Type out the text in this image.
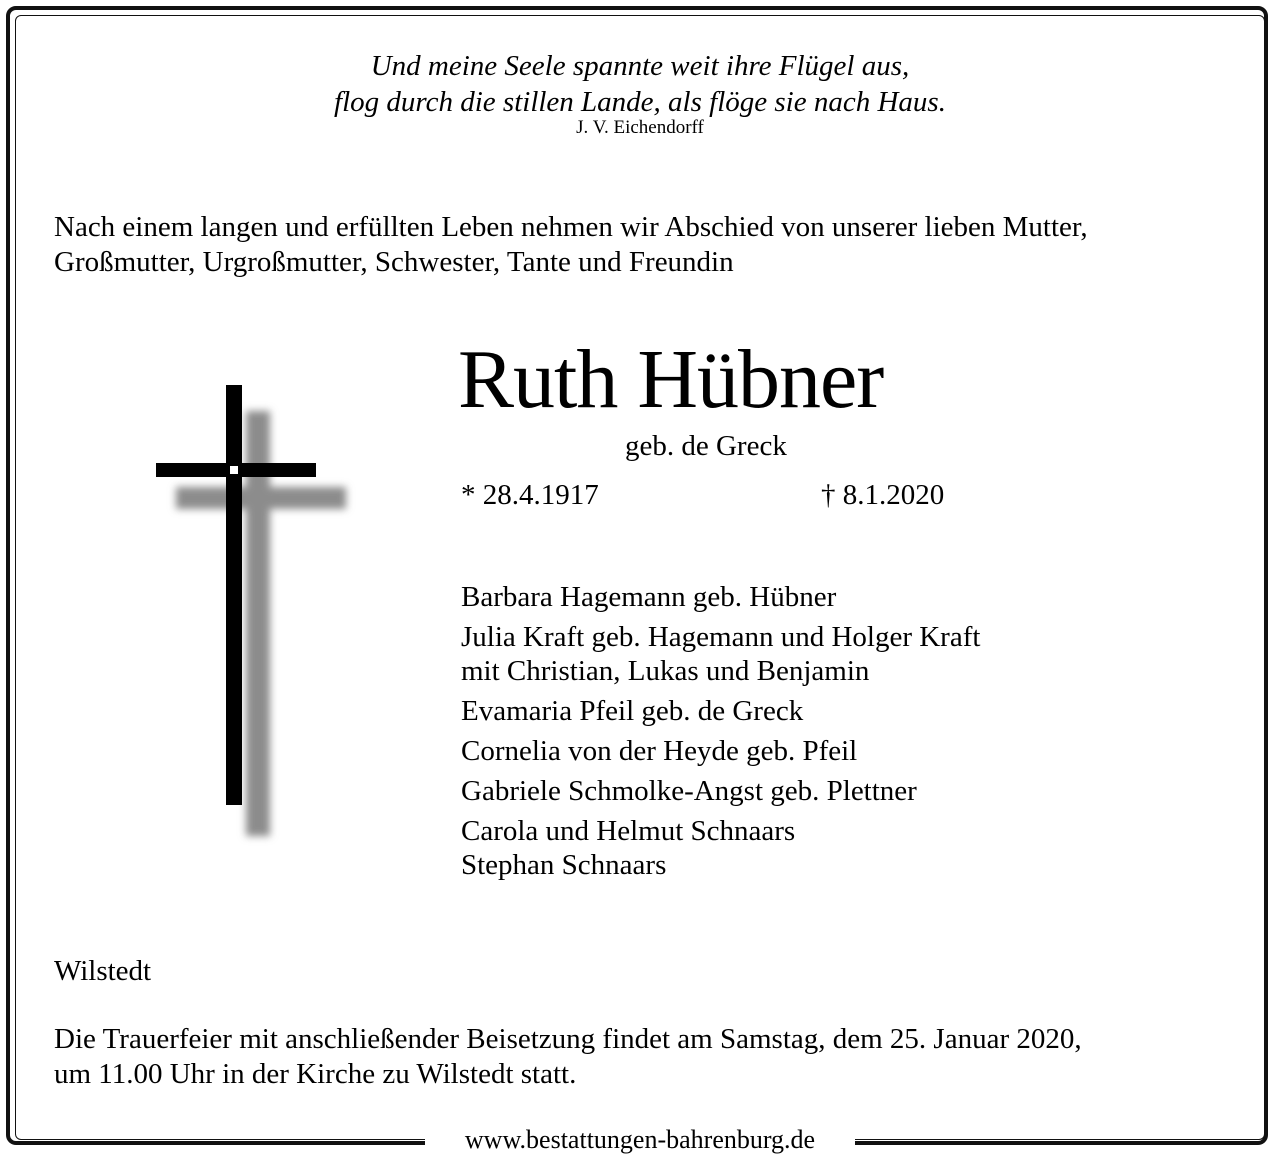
Und meine Seele spannte weit ihre Flügel aus,
flog durch die stillen Lande, als flöge sie nach Haus.
J. V. Eichendorff
Nach einem langen und erfüllten Leben nehmen wir Abschied von unserer lieben Mutter,
Großmutter, Urgroßmutter, Schwester, Tante und Freundin
Ruth Hübner
geb. de Greck
* 28.4.1917	† 8.1.2020
Barbara Hagemann geb. Hübner
Julia Kraft geb. Hagemann und Holger Kraft
mit Christian, Lukas und Benjamin
Evamaria Pfeil geb. de Greck
Cornelia von der Heyde geb. Pfeil
Gabriele Schmolke-Angst geb. Plettner
Carola und Helmut Schnaars
Stephan Schnaars
Wilstedt
Die Trauerfeier mit anschließender Beisetzung findet am Samstag, dem 25. Januar 2020,
um 11.00 Uhr in der Kirche zu Wilstedt statt.
www.bestattungen-bahrenburg.de
